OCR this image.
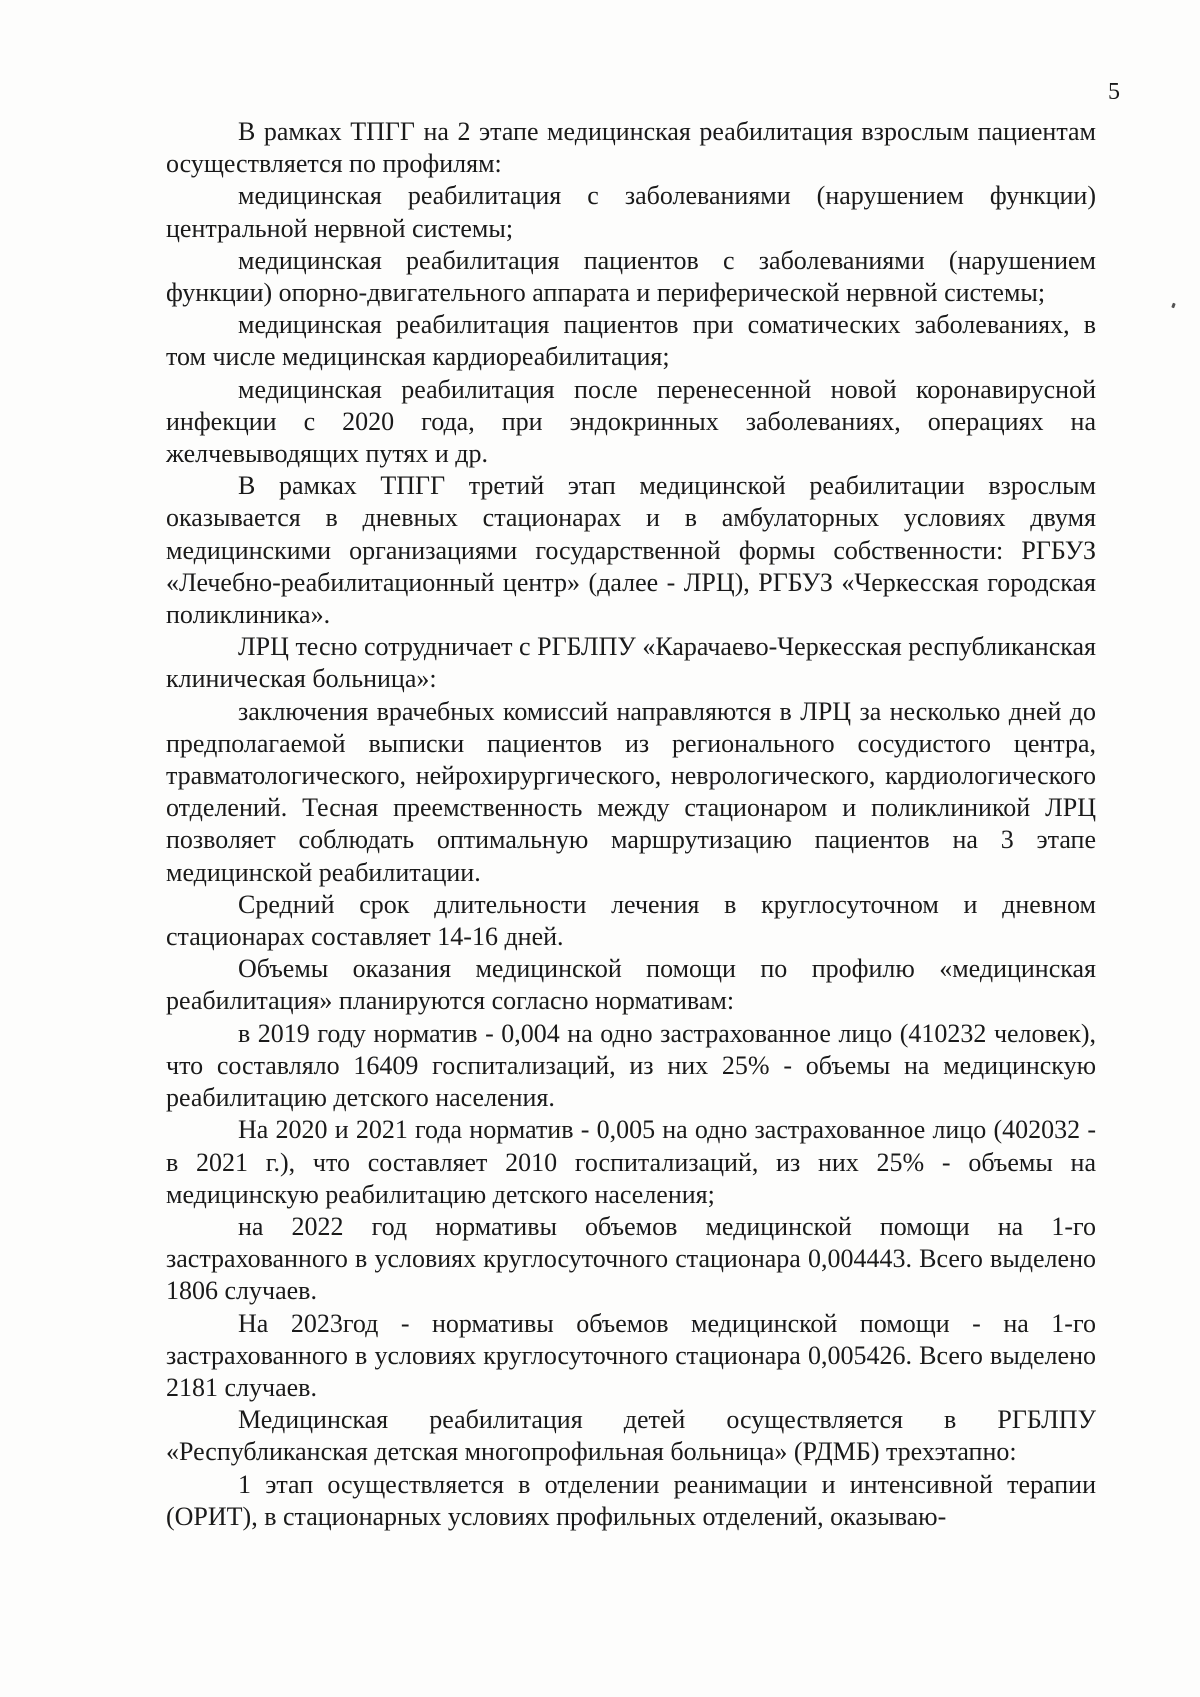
5

В рамках ТПГГ на 2 этапе медицинская реабилитация взрослым пациентам осуществляется по профилям:

медицинская реабилитация с заболеваниями (нарушением функции) центральной нервной системы;

медицинская реабилитация пациентов с заболеваниями (нарушением функции) опорно-двигательного аппарата и периферической нервной системы;

медицинская реабилитация пациентов при соматических заболеваниях, в том числе медицинская кардиореабилитация;

медицинская реабилитация после перенесенной новой коронавирусной инфекции с 2020 года, при эндокринных заболеваниях, операциях на желчевыводящих путях и др.

В рамках ТПГГ третий этап медицинской реабилитации взрослым оказывается в дневных стационарах и в амбулаторных условиях двумя медицинскими организациями государственной формы собственности: РГБУЗ «Лечебно-реабилитационный центр» (далее - ЛРЦ), РГБУЗ «Черкесская городская поликлиника».

ЛРЦ тесно сотрудничает с РГБЛПУ «Карачаево-Черкесская республиканская клиническая больница»:

заключения врачебных комиссий направляются в ЛРЦ за несколько дней до предполагаемой выписки пациентов из регионального сосудистого центра, травматологического, нейрохирургического, неврологического, кардиологического отделений. Тесная преемственность между стационаром и поликлиникой ЛРЦ позволяет соблюдать оптимальную маршрутизацию пациентов на 3 этапе медицинской реабилитации.

Средний срок длительности лечения в круглосуточном и дневном стационарах составляет 14-16 дней.

Объемы оказания медицинской помощи по профилю «медицинская реабилитация» планируются согласно нормативам:

в 2019 году норматив - 0,004 на одно застрахованное лицо (410232 человек), что составляло 16409 госпитализаций, из них 25% - объемы на медицинскую реабилитацию детского населения.

На 2020 и 2021 года норматив - 0,005 на одно застрахованное лицо (402032 - в 2021 г.), что составляет 2010 госпитализаций, из них 25% - объемы на медицинскую реабилитацию детского населения;

на 2022 год нормативы объемов медицинской помощи на 1-го застрахованного в условиях круглосуточного стационара 0,004443. Всего выделено 1806 случаев.

На 2023год - нормативы объемов медицинской помощи - на 1-го застрахованного в условиях круглосуточного стационара 0,005426. Всего выделено 2181 случаев.

Медицинская реабилитация детей осуществляется в РГБЛПУ «Республиканская детская многопрофильная больница» (РДМБ) трехэтапно:

1 этап осуществляется в отделении реанимации и интенсивной терапии (ОРИТ), в стационарных условиях профильных отделений, оказываю-
